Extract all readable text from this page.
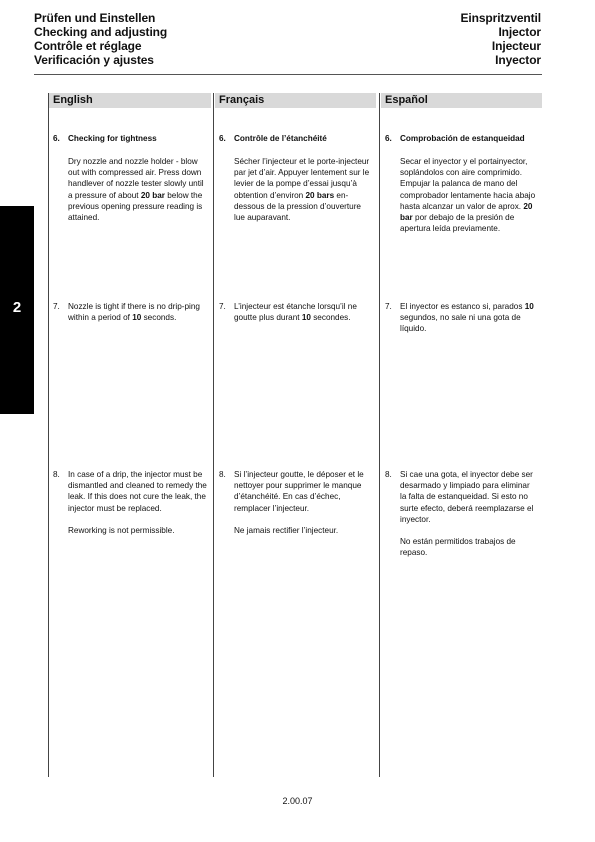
Prüfen und Einstellen
Checking and adjusting
Contrôle et réglage
Verificación y ajustes
Einspritzventil
Injector
Injecteur
Inyector
2
English
6. Checking for tightness
Dry nozzle and nozzle holder - blow out with compressed air. Press down handlever of nozzle tester slowly until a pressure of about 20 bar below the previous opening pressure reading is attained.
7. Nozzle is tight if there is no drip-ping within a period of 10 seconds.
8. In case of a drip, the injector must be dismantled and cleaned to remedy the leak. If this does not cure the leak, the injector must be replaced.
Reworking is not permissible.
Français
6. Contrôle de l’étanchéité
Sécher l’injecteur et le porte-injecteur par jet d’air. Appuyer lentement sur le levier de la pompe d’essai jusqu’à obtention d’environ 20 bars en-dessous de la pression d’ouverture lue auparavant.
7. L’injecteur est étanche lorsqu’il ne goutte plus durant 10 secondes.
8. Si l’injecteur goutte, le déposer et le nettoyer pour supprimer le manque d’étanchéité. En cas d’échec, remplacer l’injecteur.
Ne jamais rectifier l’injecteur.
Español
6. Comprobación de estanqueidad
Secar el inyector y el portainyector, soplándolos con aire comprimido. Empujar la palanca de mano del comprobador lentamente hacia abajo hasta alcanzar un valor de aprox. 20 bar por debajo de la presión de apertura leída previamente.
7. El inyector es estanco si, parados 10 segundos, no sale ni una gota de líquido.
8. Si cae una gota, el inyector debe ser desarmado y limpiado para eliminar la falta de estanqueidad. Si esto no surte efecto, deberá reemplazarse el inyector.
No están permitidos trabajos de repaso.
2.00.07
